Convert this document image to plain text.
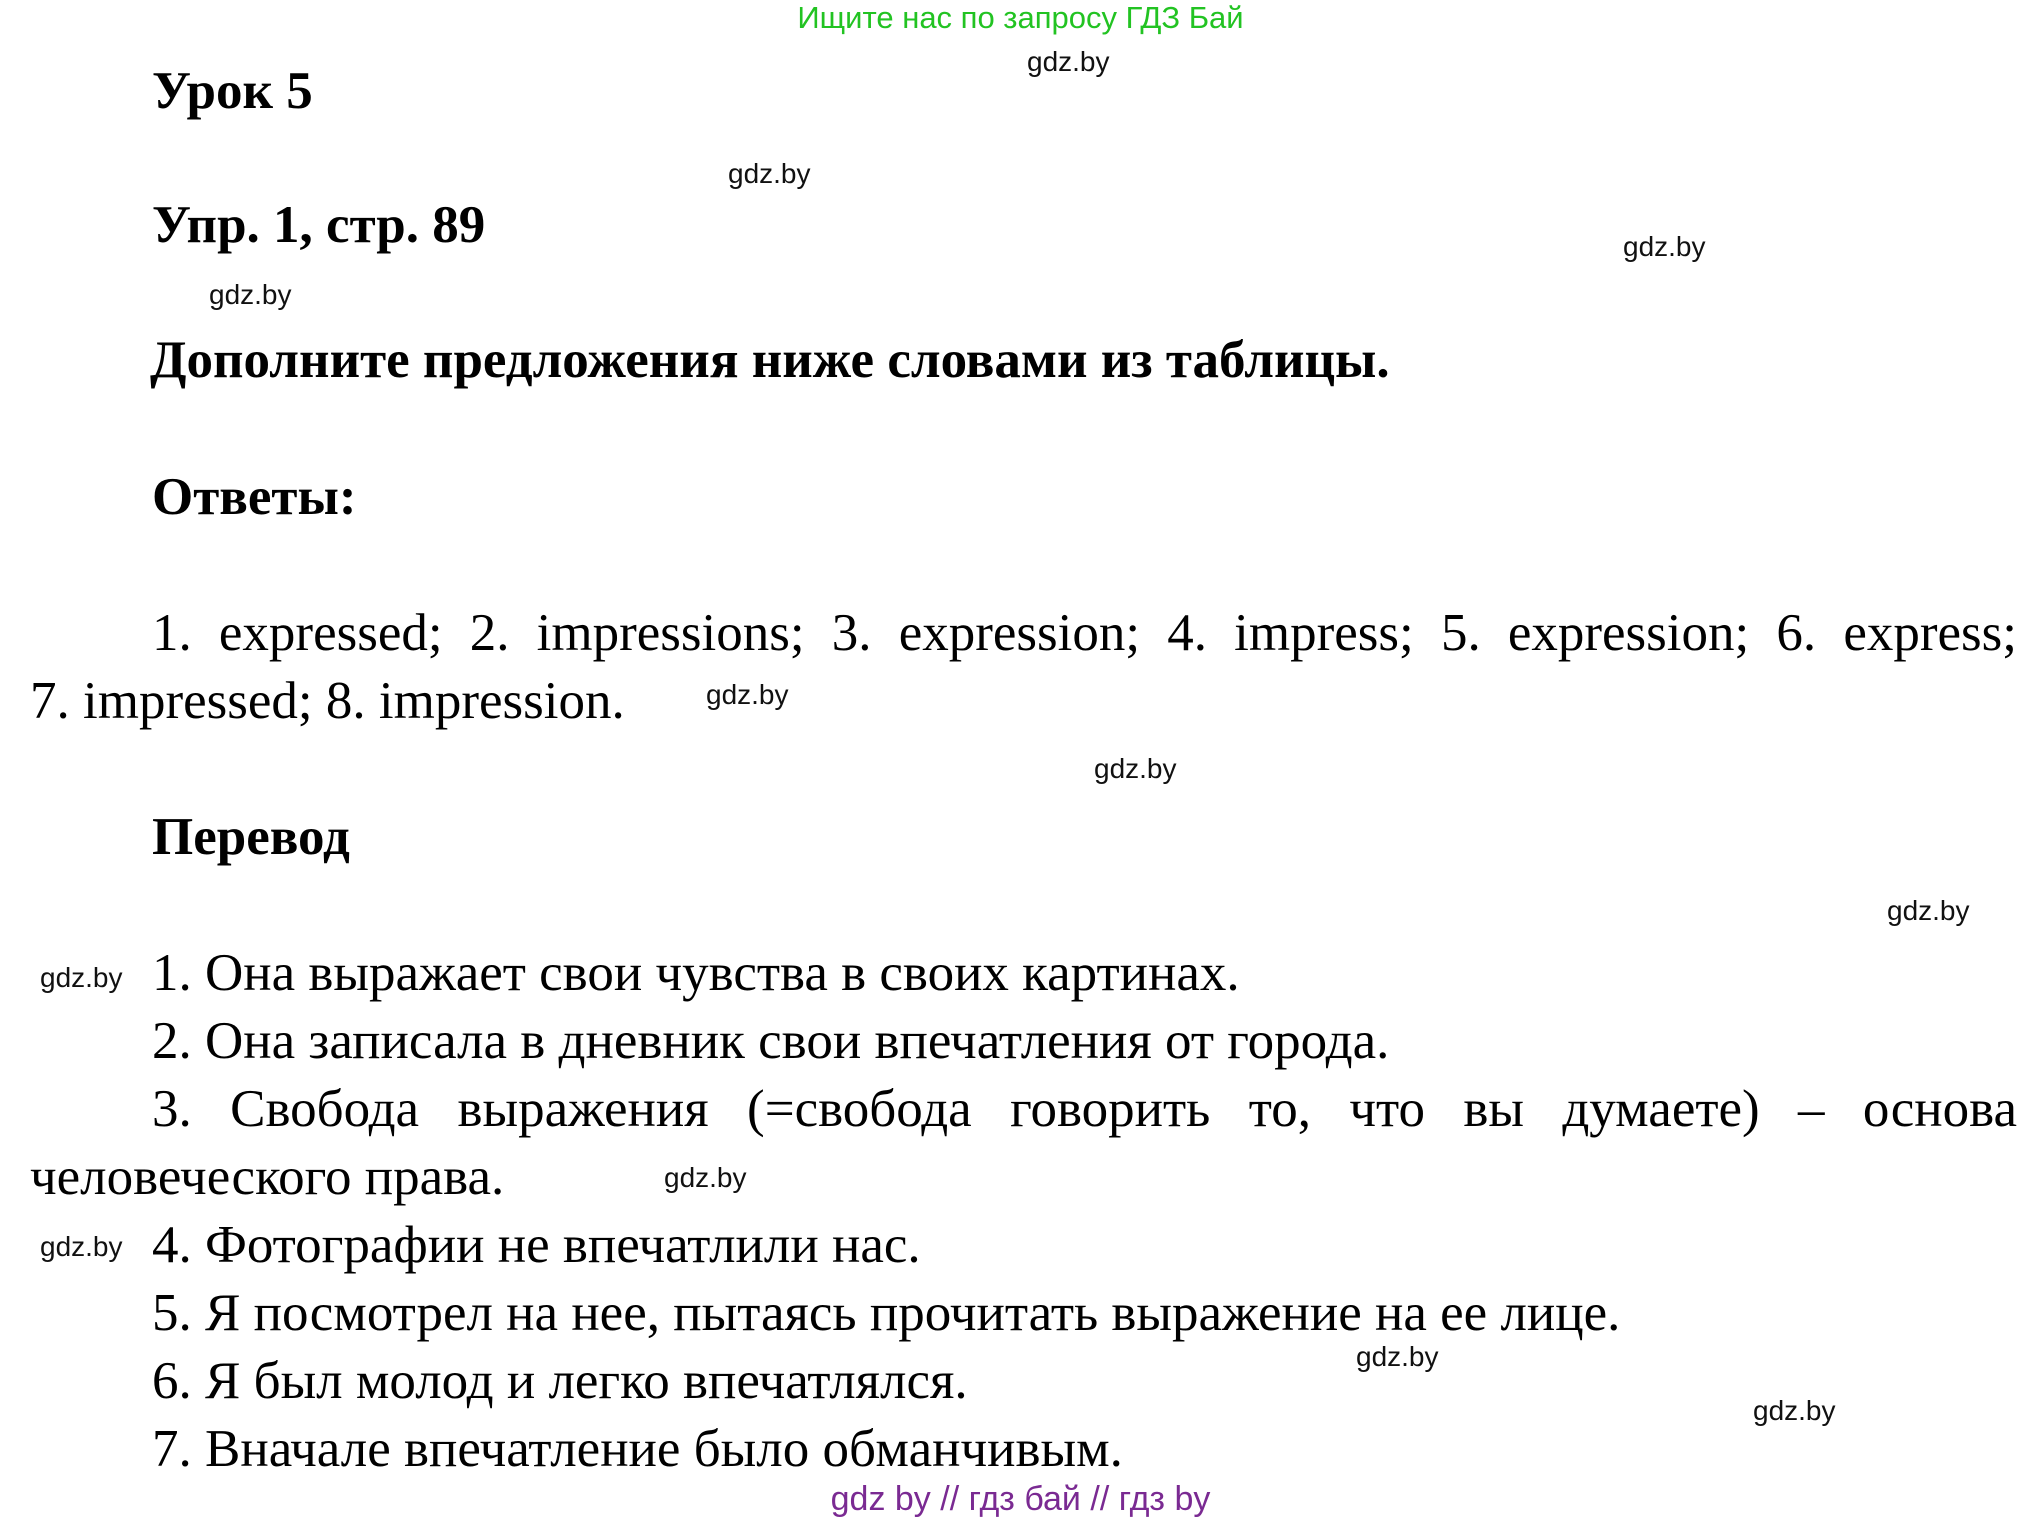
Ищите нас по запросу ГДЗ Бай
Урок 5
Упр. 1, стр. 89
Дополните предложения ниже словами из таблицы.
Ответы:
1. expressed; 2. impressions; 3. expression; 4. impress; 5. expression; 6. express;
7. impressed; 8. impression.
Перевод
1. Она выражает свои чувства в своих картинах.
2. Она записала в дневник свои впечатления от города.
3. Свобода выражения (=свобода говорить то, что вы думаете) – основа
человеческого права.
4. Фотографии не впечатлили нас.
5. Я посмотрел на нее, пытаясь прочитать выражение на ее лице.
6. Я был молод и легко впечатлялся.
7. Вначале впечатление было обманчивым.
gdz.by
gdz.by
gdz.by
gdz.by
gdz.by
gdz.by
gdz.by
gdz.by
gdz.by
gdz.by
gdz.by
gdz.by
gdz by // гдз бай // гдз by
